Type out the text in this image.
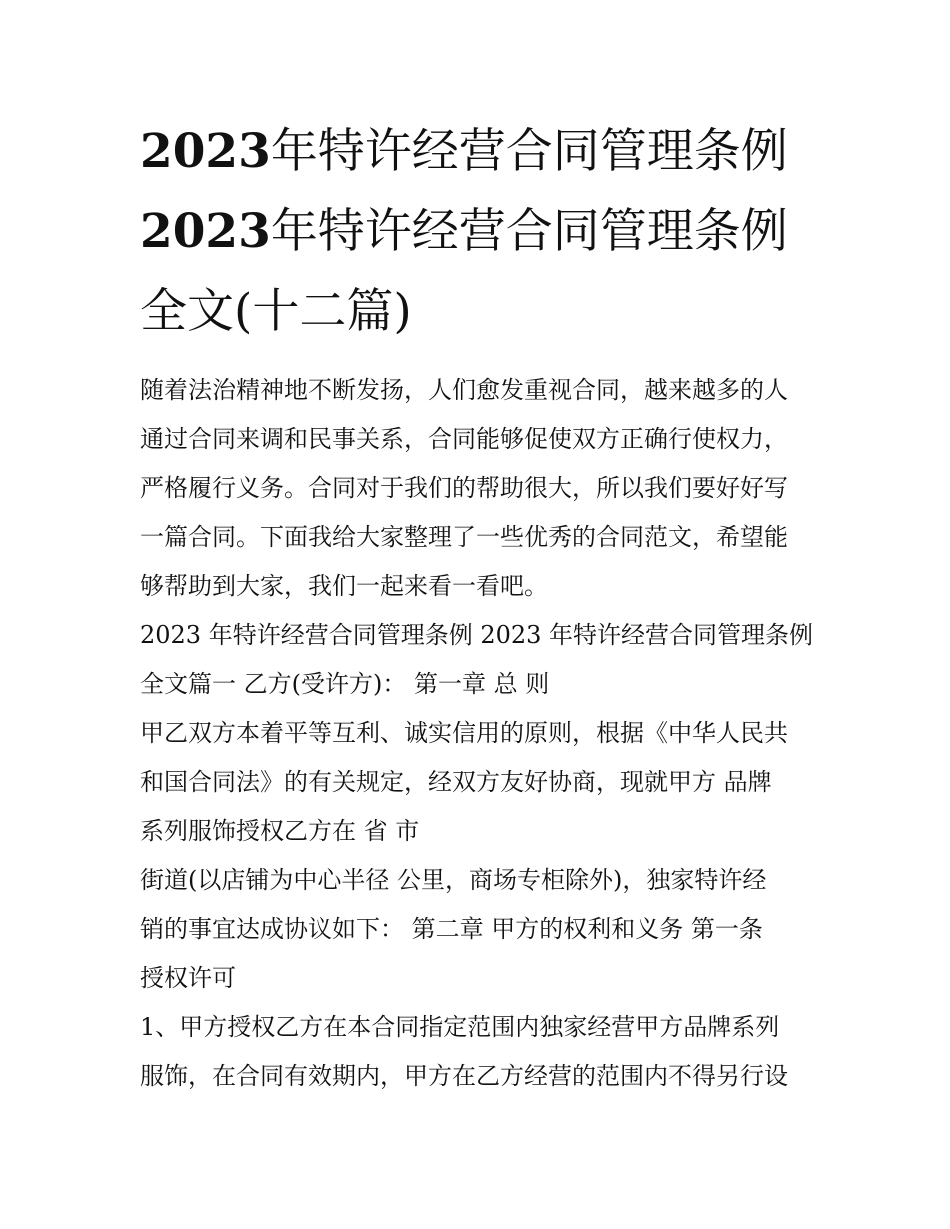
2023年特许经营合同管理条例
2023年特许经营合同管理条例
全文(十二篇)
随着法治精神地不断发扬，人们愈发重视合同，越来越多的人
通过合同来调和民事关系，合同能够促使双方正确行使权力，
严格履行义务。合同对于我们的帮助很大，所以我们要好好写
一篇合同。下面我给大家整理了一些优秀的合同范文，希望能
够帮助到大家，我们一起来看一看吧。
2023 年特许经营合同管理条例 2023 年特许经营合同管理条例
全文篇一 乙方(受许方)： 第一章 总 则
甲乙双方本着平等互利、诚实信用的原则，根据《中华人民共
和国合同法》的有关规定，经双方友好协商，现就甲方 品牌
系列服饰授权乙方在 省 市
街道(以店铺为中心半径 公里，商场专柜除外)，独家特许经
销的事宜达成协议如下： 第二章 甲方的权利和义务 第一条
授权许可
1、甲方授权乙方在本合同指定范围内独家经营甲方品牌系列
服饰，在合同有效期内，甲方在乙方经营的范围内不得另行设
